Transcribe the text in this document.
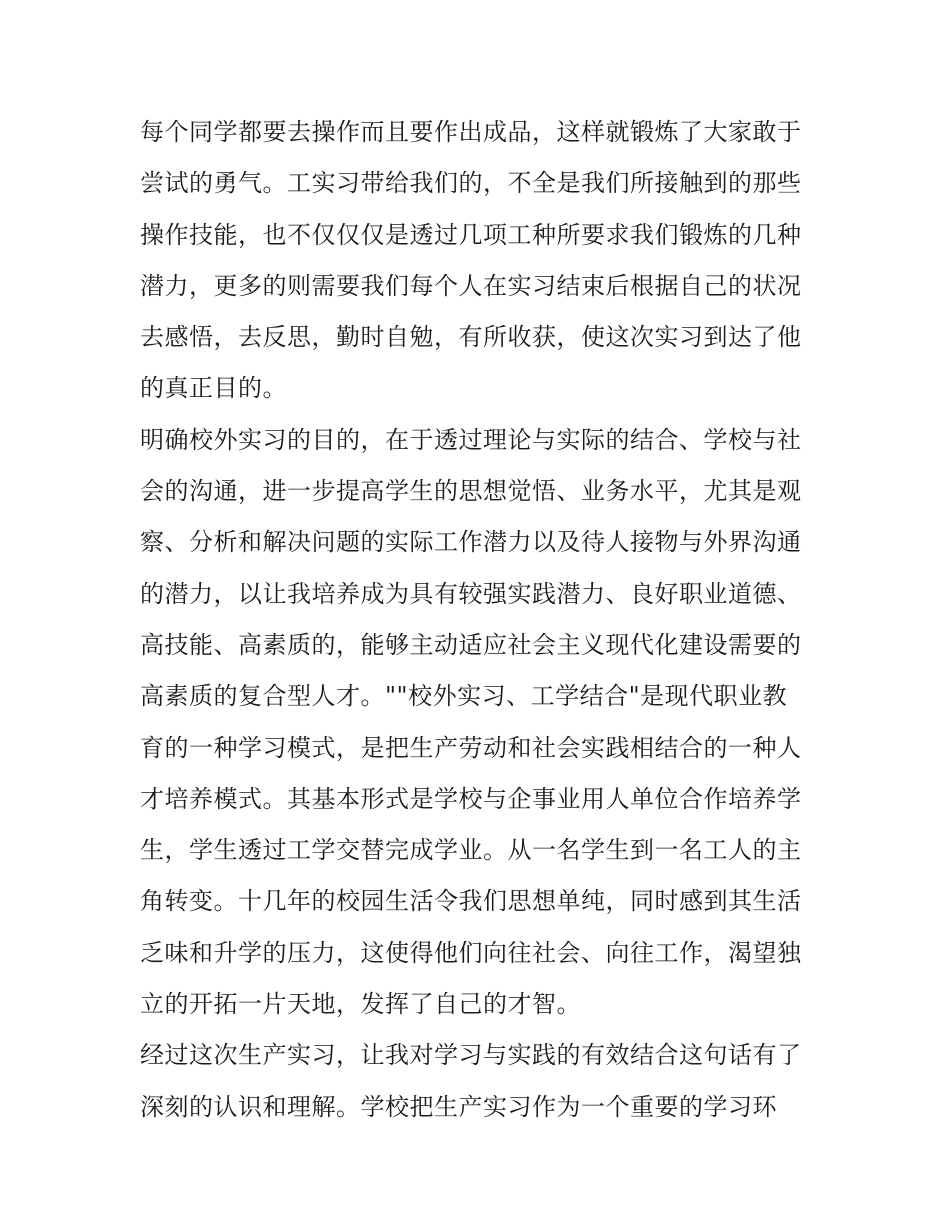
每个同学都要去操作而且要作出成品，这样就锻炼了大家敢于
尝试的勇气。工实习带给我们的，不全是我们所接触到的那些
操作技能，也不仅仅仅是透过几项工种所要求我们锻炼的几种
潜力，更多的则需要我们每个人在实习结束后根据自己的状况
去感悟，去反思，勤时自勉，有所收获，使这次实习到达了他
的真正目的。
明确校外实习的目的，在于透过理论与实际的结合、学校与社
会的沟通，进一步提高学生的思想觉悟、业务水平，尤其是观
察、分析和解决问题的实际工作潜力以及待人接物与外界沟通
的潜力，以让我培养成为具有较强实践潜力、良好职业道德、
高技能、高素质的，能够主动适应社会主义现代化建设需要的
高素质的复合型人才。""校外实习、工学结合"是现代职业教
育的一种学习模式，是把生产劳动和社会实践相结合的一种人
才培养模式。其基本形式是学校与企事业用人单位合作培养学
生，学生透过工学交替完成学业。从一名学生到一名工人的主
角转变。十几年的校园生活令我们思想单纯，同时感到其生活
乏味和升学的压力，这使得他们向往社会、向往工作，渴望独
立的开拓一片天地，发挥了自己的才智。
经过这次生产实习，让我对学习与实践的有效结合这句话有了
深刻的认识和理解。学校把生产实习作为一个重要的学习环
